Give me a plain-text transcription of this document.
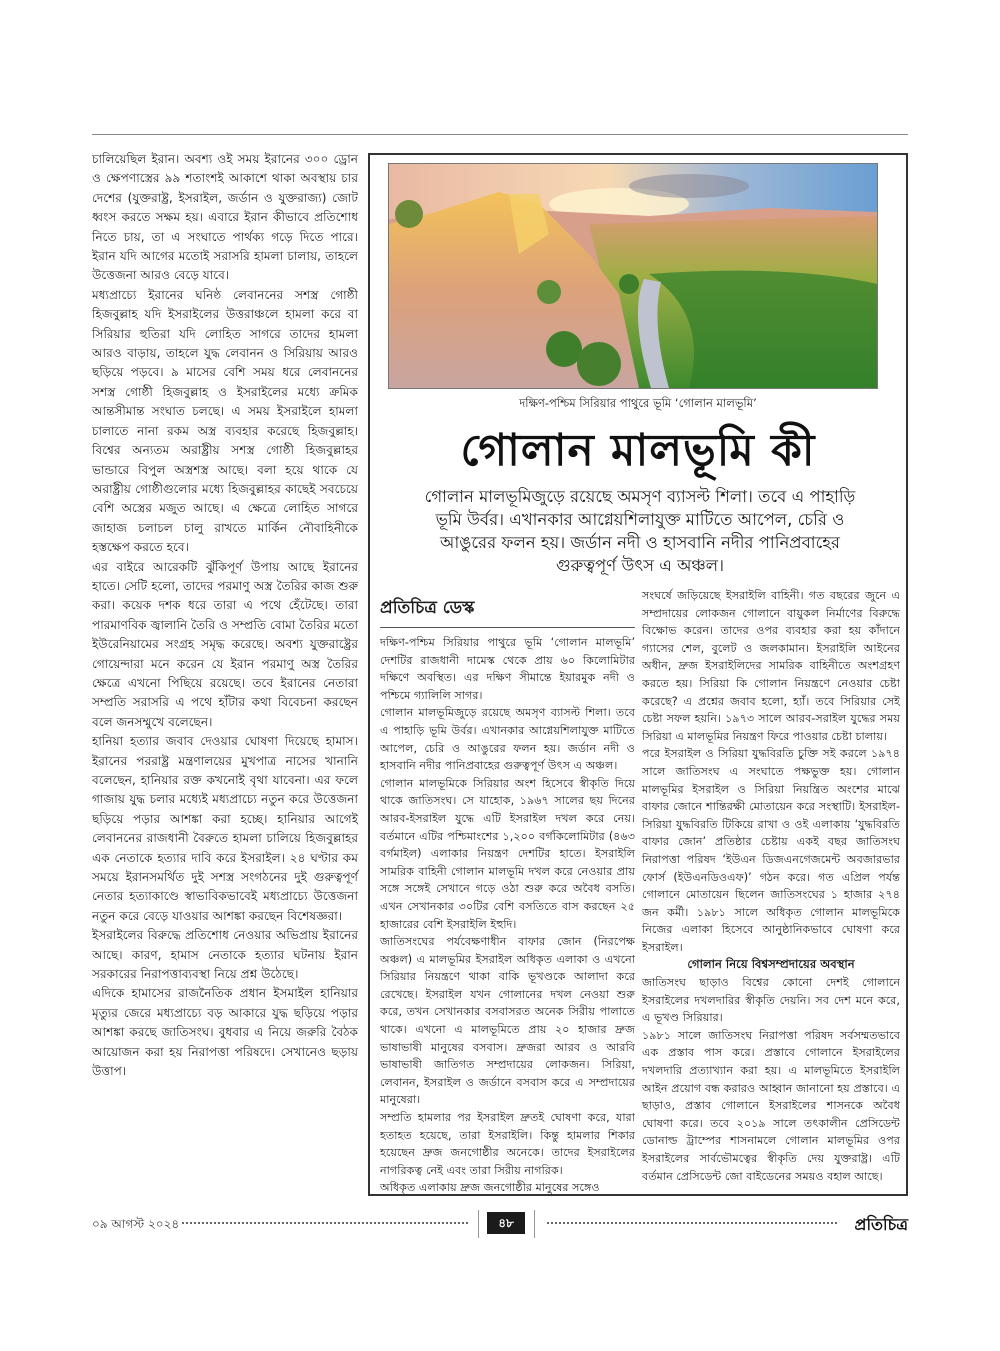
চালিয়েছিল ইরান। অবশ্য ওই সময় ইরানের ৩০০ ড্রোন ও ক্ষেপণাস্ত্রের ৯৯ শতাংশই আকাশে থাকা অবস্থায় চার দেশের (যুক্তরাষ্ট্র, ইসরাইল, জর্ডান ও যুক্তরাজ্য) জোট ধ্বংস করতে সক্ষম হয়। এবারে ইরান কীভাবে প্রতিশোধ নিতে চায়, তা এ সংঘাতে পার্থক্য গড়ে দিতে পারে। ইরান যদি আগের মতোই সরাসরি হামলা চালায়, তাহলে উত্তেজনা আরও বেড়ে যাবে।

মধ্যপ্রাচ্যে ইরানের ঘনিষ্ঠ লেবাননের সশস্ত্র গোষ্ঠী হিজবুল্লাহ যদি ইসরাইলের উত্তরাঞ্চলে হামলা করে বা সিরিয়ার হুতিরা যদি লোহিত সাগরে তাদের হামলা আরও বাড়ায়, তাহলে যুদ্ধ লেবানন ও সিরিয়ায় আরও ছড়িয়ে পড়বে। ৯ মাসের বেশি সময় ধরে লেবাননের সশস্ত্র গোষ্ঠী হিজবুল্লাহ ও ইসরাইলের মধ্যে ক্রমিক আন্তসীমান্ত সংঘাত চলছে। এ সময় ইসরাইলে হামলা চালাতে নানা রকম অস্ত্র ব্যবহার করেছে হিজবুল্লাহ। বিশ্বের অন্যতম অরাষ্ট্রীয় সশস্ত্র গোষ্ঠী হিজবুল্লাহর ভান্ডারে বিপুল অস্ত্রশস্ত্র আছে। বলা হয়ে থাকে যে অরাষ্ট্রীয় গোষ্ঠীগুলোর মধ্যে হিজবুল্লাহর কাছেই সবচেয়ে বেশি অস্ত্রের মজুত আছে। এ ক্ষেত্রে লোহিত সাগরে জাহাজ চলাচল চালু রাখতে মার্কিন নৌবাহিনীকে হস্তক্ষেপ করতে হবে।

এর বাইরে আরেকটি ঝুঁকিপূর্ণ উপায় আছে ইরানের হাতে। সেটি হলো, তাদের পরমাণু অস্ত্র তৈরির কাজ শুরু করা। কয়েক দশক ধরে তারা এ পথে হেঁটেছে। তারা পারমাণবিক জ্বালানি তৈরি ও সম্প্রতি বোমা তৈরির মতো ইউরেনিয়ামের সংগ্রহ সমৃদ্ধ করেছে। অবশ্য যুক্তরাষ্ট্রের গোয়েন্দারা মনে করেন যে ইরান পরমাণু অস্ত্র তৈরির ক্ষেত্রে এখনো পিছিয়ে রয়েছে। তবে ইরানের নেতারা সম্প্রতি সরাসরি এ পথে হাঁটার কথা বিবেচনা করছেন বলে জনসম্মুখে বলেছেন।

হানিয়া হত্যার জবাব দেওয়ার ঘোষণা দিয়েছে হামাস। ইরানের পররাষ্ট্র মন্ত্রণালয়ের মুখপাত্র নাসের খানানি বলেছেন, হানিয়ার রক্ত কখনোই বৃথা যাবেনা। এর ফলে গাজায় যুদ্ধ চলার মধ্যেই মধ্যপ্রাচ্যে নতুন করে উত্তেজনা ছড়িয়ে পড়ার আশঙ্কা করা হচ্ছে। হানিয়ার আগেই লেবাননের রাজধানী বৈরুতে হামলা চালিয়ে হিজবুল্লাহর এক নেতাকে হত্যার দাবি করে ইসরাইল। ২৪ ঘণ্টার কম সময়ে ইরানসমর্থিত দুই সশস্ত্র সংগঠনের দুই গুরুত্বপূর্ণ নেতার হত্যাকাণ্ডে স্বাভাবিকভাবেই মধ্যপ্রাচ্যে উত্তেজনা নতুন করে বেড়ে যাওয়ার আশঙ্কা করছেন বিশেষজ্ঞরা।

ইসরাইলের বিরুদ্ধে প্রতিশোধ নেওয়ার অভিপ্রায় ইরানের আছে। কারণ, হামাস নেতাকে হত্যার ঘটনায় ইরান সরকারের নিরাপত্তাব্যবস্থা নিয়ে প্রশ্ন উঠেছে।

এদিকে হামাসের রাজনৈতিক প্রধান ইসমাইল হানিয়ার মৃত্যুর জেরে মধ্যপ্রাচ্যে বড় আকারে যুদ্ধ ছড়িয়ে পড়ার আশঙ্কা করছে জাতিসংঘ। বুধবার এ নিয়ে জরুরি বৈঠক আয়োজন করা হয় নিরাপত্তা পরিষদে। সেখানেও ছড়ায় উত্তাপ।

দক্ষিণ-পশ্চিম সিরিয়ার পাথুরে ভূমি ‘গোলান মালভূমি’
গোলান মালভূমি কী
গোলান মালভূমিজুড়ে রয়েছে অমসৃণ ব্যাসল্ট শিলা। তবে এ পাহাড়ি ভূমি উর্বর। এখানকার আগ্নেয়শিলাযুক্ত মাটিতে আপেল, চেরি ও আঙুরের ফলন হয়। জর্ডান নদী ও হাসবানি নদীর পানিপ্রবাহের গুরুত্বপূর্ণ উৎস এ অঞ্চল।
প্রতিচিত্র ডেস্ক

দক্ষিণ-পশ্চিম সিরিয়ার পাথুরে ভূমি ‘গোলান মালভূমি’ দেশটির রাজধানী দামেস্ক থেকে প্রায় ৬০ কিলোমিটার দক্ষিণে অবস্থিত। এর দক্ষিণ সীমান্তে ইয়ারমুক নদী ও পশ্চিমে গ্যালিলি সাগর।

গোলান মালভূমিজুড়ে রয়েছে অমসৃণ ব্যাসল্ট শিলা। তবে এ পাহাড়ি ভূমি উর্বর। এখানকার আগ্নেয়শিলাযুক্ত মাটিতে আপেল, চেরি ও আঙুরের ফলন হয়। জর্ডান নদী ও হাসবানি নদীর পানিপ্রবাহের গুরুত্বপূর্ণ উৎস এ অঞ্চল।

গোলান মালভূমিকে সিরিয়ার অংশ হিসেবে স্বীকৃতি দিয়ে থাকে জাতিসংঘ। সে যাহোক, ১৯৬৭ সালের ছয় দিনের আরব-ইসরাইল যুদ্ধে এটি ইসরাইল দখল করে নেয়। বর্তমানে এটির পশ্চিমাংশের ১,২০০ বর্গকিলোমিটার (৪৬৩ বর্গমাইল) এলাকার নিয়ন্ত্রণ দেশটির হাতে। ইসরাইলি সামরিক বাহিনী গোলান মালভূমি দখল করে নেওয়ার প্রায় সঙ্গে সঙ্গেই সেখানে গড়ে ওঠা শুরু করে অবৈধ বসতি। এখন সেখানকার ৩০টির বেশি বসতিতে বাস করছেন ২৫ হাজারের বেশি ইসরাইলি ইহুদি।

জাতিসংঘের পর্যবেক্ষণাধীন বাফার জোন (নিরপেক্ষ অঞ্চল) এ মালভূমির ইসরাইল অধিকৃত এলাকা ও এখনো সিরিয়ার নিয়ন্ত্রণে থাকা বাকি ভূখণ্ডকে আলাদা করে রেখেছে। ইসরাইল যখন গোলানের দখল নেওয়া শুরু করে, তখন সেখানকার বসবাসরত অনেক সিরীয় পালাতে থাকে। এখনো এ মালভূমিতে প্রায় ২০ হাজার দ্রুজ ভাষাভাষী মানুষের বসবাস। দ্রুজরা আরব ও আরবি ভাষাভাষী জাতিগত সম্প্রদায়ের লোকজন। সিরিয়া, লেবানন, ইসরাইল ও জর্ডানে বসবাস করে এ সম্প্রদায়ের মানুষেরা।

সম্প্রতি হামলার পর ইসরাইল দ্রুতই ঘোষণা করে, যারা হতাহত হয়েছে, তারা ইসরাইলি। কিন্তু হামলার শিকার হয়েছেন দ্রুজ জনগোষ্ঠীর অনেকে। তাদের ইসরাইলের নাগরিকত্ব নেই এবং তারা সিরীয় নাগরিক।

অধিকৃত এলাকায় দ্রুজ জনগোষ্ঠীর মানুষের সঙ্গেও

সংঘর্ষে জড়িয়েছে ইসরাইলি বাহিনী। গত বছরের জুনে এ সম্প্রদায়ের লোকজন গোলানে বায়ুকল নির্মাণের বিরুদ্ধে বিক্ষোভ করেন। তাদের ওপর ব্যবহার করা হয় কাঁদানে গ্যাসের শেল, বুলেট ও জলকামান। ইসরাইলি আইনের অধীন, দ্রুজ ইসরাইলিদের সামরিক বাহিনীতে অংশগ্রহণ করতে হয়। সিরিয়া কি গোলান নিয়ন্ত্রণে নেওয়ার চেষ্টা করেছে? এ প্রশ্নের জবাব হলো, হ্যাঁ। তবে সিরিয়ার সেই চেষ্টা সফল হয়নি। ১৯৭৩ সালে আরব-সরাইল যুদ্ধের সময় সিরিয়া এ মালভূমির নিয়ন্ত্রণ ফিরে পাওয়ার চেষ্টা চালায়।

পরে ইসরাইল ও সিরিয়া যুদ্ধবিরতি চুক্তি সই করলে ১৯৭৪ সালে জাতিসংঘ এ সংঘাতে পক্ষভুক্ত হয়। গোলান মালভূমির ইসরাইল ও সিরিয়া নিয়ন্ত্রিত অংশের মাঝে বাফার জোনে শান্তিরক্ষী মোতায়েন করে সংস্থাটি। ইসরাইল-সিরিয়া যুদ্ধবিরতি টিকিয়ে রাখা ও ওই এলাকায় ‘যুদ্ধবিরতি বাফার জোন’ প্রতিষ্ঠার চেষ্টায় একই বছর জাতিসংঘ নিরাপত্তা পরিষদ ‘ইউএন ডিজএনগেজমেন্ট অবজারভার ফোর্স (ইউএনডিওএফ)’ গঠন করে। গত এপ্রিল পর্যন্ত গোলানে মোতায়েন ছিলেন জাতিসংঘের ১ হাজার ২৭৪ জন কর্মী। ১৯৮১ সালে অধিকৃত গোলান মালভূমিকে নিজের এলাকা হিসেবে আনুষ্ঠানিকভাবে ঘোষণা করে ইসরাইল।

গোলান নিয়ে বিশ্বসম্প্রদায়ের অবস্থান

জাতিসংঘ ছাড়াও বিশ্বের কোনো দেশই গোলানে ইসরাইলের দখলদারির স্বীকৃতি দেয়নি। সব দেশ মনে করে, এ ভূখণ্ড সিরিয়ার।

১৯৮১ সালে জাতিসংঘ নিরাপত্তা পরিষদ সর্বসম্মতভাবে এক প্রস্তাব পাস করে। প্রস্তাবে গোলানে ইসরাইলের দখলদারি প্রত্যাখ্যান করা হয়। এ মালভূমিতে ইসরাইলি আইন প্রয়োগ বন্ধ করারও আহ্বান জানানো হয় প্রস্তাবে। এ ছাড়াও, প্রস্তাব গোলানে ইসরাইলের শাসনকে অবৈধ ঘোষণা করে। তবে ২০১৯ সালে তৎকালীন প্রেসিডেন্ট ডোনাল্ড ট্রাম্পের শাসনামলে গোলান মালভূমির ওপর ইসরাইলের সার্বভৌমত্বের স্বীকৃতি দেয় যুক্তরাষ্ট্র। এটি বর্তমান প্রেসিডেন্ট জো বাইডেনের সময়ও বহাল আছে।

০৯ আগস্ট ২০২৪	৪৮	প্রতিচিত্র
